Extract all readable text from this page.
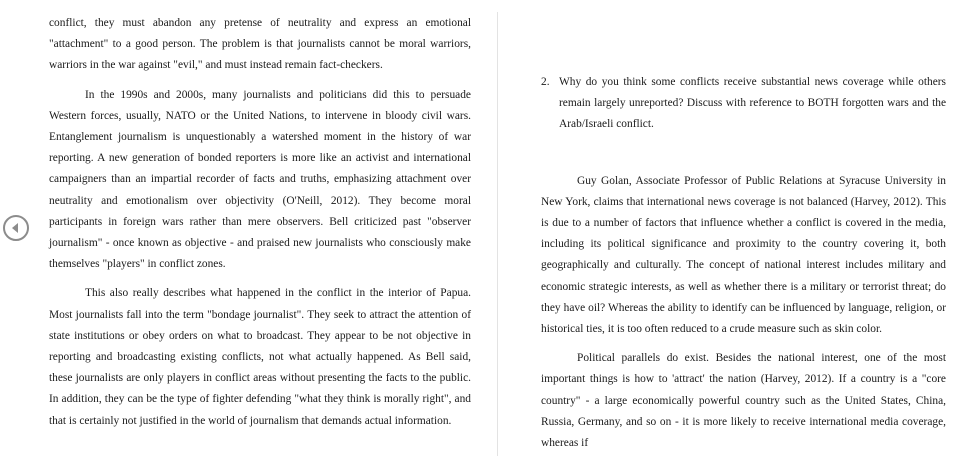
conflict, they must abandon any pretense of neutrality and express an emotional "attachment" to a good person. The problem is that journalists cannot be moral warriors, warriors in the war against "evil," and must instead remain fact-checkers.

In the 1990s and 2000s, many journalists and politicians did this to persuade Western forces, usually, NATO or the United Nations, to intervene in bloody civil wars. Entanglement journalism is unquestionably a watershed moment in the history of war reporting. A new generation of bonded reporters is more like an activist and international campaigners than an impartial recorder of facts and truths, emphasizing attachment over neutrality and emotionalism over objectivity (O'Neill, 2012). They become moral participants in foreign wars rather than mere observers. Bell criticized past "observer journalism" - once known as objective - and praised new journalists who consciously make themselves "players" in conflict zones.

This also really describes what happened in the conflict in the interior of Papua. Most journalists fall into the term "bondage journalist". They seek to attract the attention of state institutions or obey orders on what to broadcast. They appear to be not objective in reporting and broadcasting existing conflicts, not what actually happened. As Bell said, these journalists are only players in conflict areas without presenting the facts to the public. In addition, they can be the type of fighter defending "what they think is morally right", and that is certainly not justified in the world of journalism that demands actual information.

2. Why do you think some conflicts receive substantial news coverage while others remain largely unreported? Discuss with reference to BOTH forgotten wars and the Arab/Israeli conflict.

Guy Golan, Associate Professor of Public Relations at Syracuse University in New York, claims that international news coverage is not balanced (Harvey, 2012). This is due to a number of factors that influence whether a conflict is covered in the media, including its political significance and proximity to the country covering it, both geographically and culturally. The concept of national interest includes military and economic strategic interests, as well as whether there is a military or terrorist threat; do they have oil? Whereas the ability to identify can be influenced by language, religion, or historical ties, it is too often reduced to a crude measure such as skin color.

Political parallels do exist. Besides the national interest, one of the most important things is how to 'attract' the nation (Harvey, 2012). If a country is a "core country" - a large economically powerful country such as the United States, China, Russia, Germany, and so on - it is more likely to receive international media coverage, whereas if
